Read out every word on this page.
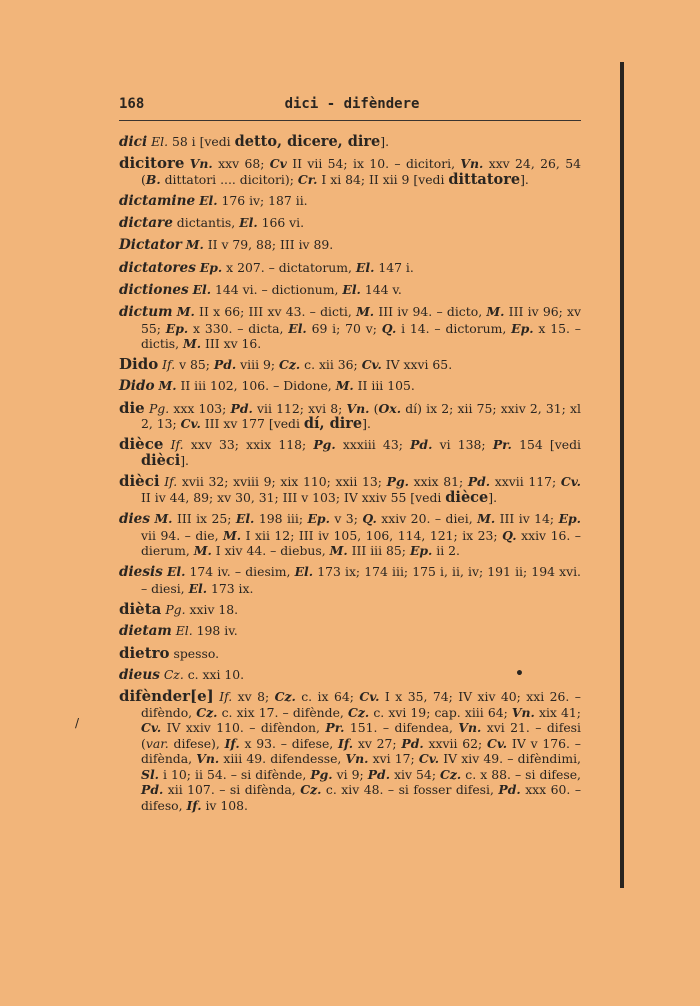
168	dici - difèndere

dici El. 58 i [vedi detto, dicere, dire].

dicitore Vn. xxv 68; Cv II vii 54; ix 10. – dicitori, Vn. xxv 24, 26, 54 (B. dittatori .... dicitori); Cr. I xi 84; II xii 9 [vedi dittatore].

dictamine El. 176 iv; 187 ii.

dictare dictantis, El. 166 vi.

Dictator M. II v 79, 88; III iv 89.

dictatores Ep. x 207. – dictatorum, El. 147 i.

dictiones El. 144 vi. – dictionum, El. 144 v.

dictum M. II x 66; III xv 43. – dicti, M. III iv 94. – dicto, M. III iv 96; xv 55; Ep. x 330. – dicta, El. 69 i; 70 v; Q. i 14. – dictorum, Ep. x 15. – dictis, M. III xv 16.

Dido If. v 85; Pd. viii 9; Cz. c. xii 36; Cv. IV xxvi 65.

Dido M. II iii 102, 106. – Didone, M. II iii 105.

die Pg. xxx 103; Pd. vii 112; xvi 8; Vn. (Ox. dí) ix 2; xii 75; xxiv 2, 31; xl 2, 13; Cv. III xv 177 [vedi dí, dire].

dièce If. xxv 33; xxix 118; Pg. xxxiii 43; Pd. vi 138; Pr. 154 [vedi dièci].

dièci If. xvii 32; xviii 9; xix 110; xxii 13; Pg. xxix 81; Pd. xxvii 117; Cv. II iv 44, 89; xv 30, 31; III v 103; IV xxiv 55 [vedi dièce].

dies M. III ix 25; El. 198 iii; Ep. v 3; Q. xxiv 20. – diei, M. III iv 14; Ep. vii 94. – die, M. I xii 12; III iv 105, 106, 114, 121; ix 23; Q. xxiv 16. – dierum, M. I xiv 44. – diebus, M. III iii 85; Ep. ii 2.

diesis El. 174 iv. – diesim, El. 173 ix; 174 iii; 175 i, ii, iv; 191 ii; 194 xvi. – diesi, El. 173 ix.

dièta Pg. xxiv 18.

dietam El. 198 iv.

dietro spesso.

dieus Cz. c. xxi 10.

difènder[e] If. xv 8; Cz. c. ix 64; Cv. I x 35, 74; IV xiv 40; xxi 26. – difèndo, Cz. c. xix 17. – difènde, Cz. c. xvi 19; cap. xiii 64; Vn. xix 41; Cv. IV xxiv 110. – difèndon, Pr. 151. – difendea, Vn. xvi 21. – difesi (var. difese), If. x 93. – difese, If. xv 27; Pd. xxvii 62; Cv. IV v 176. – difènda, Vn. xiii 49. difendesse, Vn. xvi 17; Cv. IV xiv 49. – difèndimi, Sl. i 10; ii 54. – si difènde, Pg. vi 9; Pd. xiv 54; Cz. c. x 88. – si difese, Pd. xii 107. – si difènda, Cz. c. xiv 48. – si fosser difesi, Pd. xxx 60. – difeso, If. iv 108.

•
/
